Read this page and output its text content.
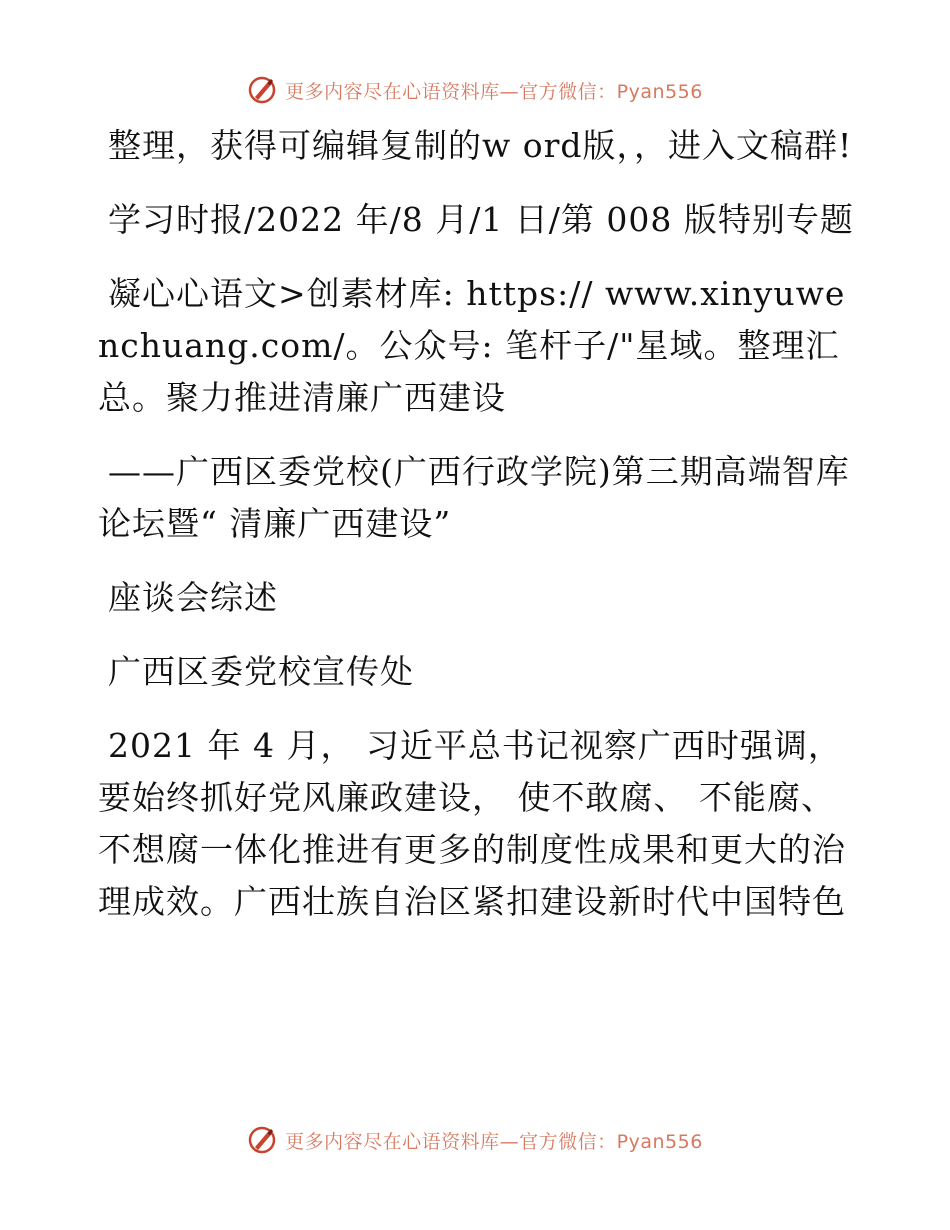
更多内容尽在心语资料库—官方微信：Pyan556

整理，获得可编辑复制的w ord版，，进入文稿群!

学习时报/2022 年/8 月/1 日/第 008 版特别专题

凝心心语文>创素材库: https:// www.xinyuwenchuang.com/。公众号: 笔杆子/"星域。整理汇总。聚力推进清廉广西建设

——广西区委党校(广西行政学院)第三期高端智库论坛暨“ 清廉广西建设”

座谈会综述

广西区委党校宣传处

2021 年 4 月， 习近平总书记视察广西时强调，要始终抓好党风廉政建设， 使不敢腐、 不能腐、不想腐一体化推进有更多的制度性成果和更大的治理成效。广西壮族自治区紧扣建设新时代中国特色

更多内容尽在心语资料库—官方微信：Pyan556
